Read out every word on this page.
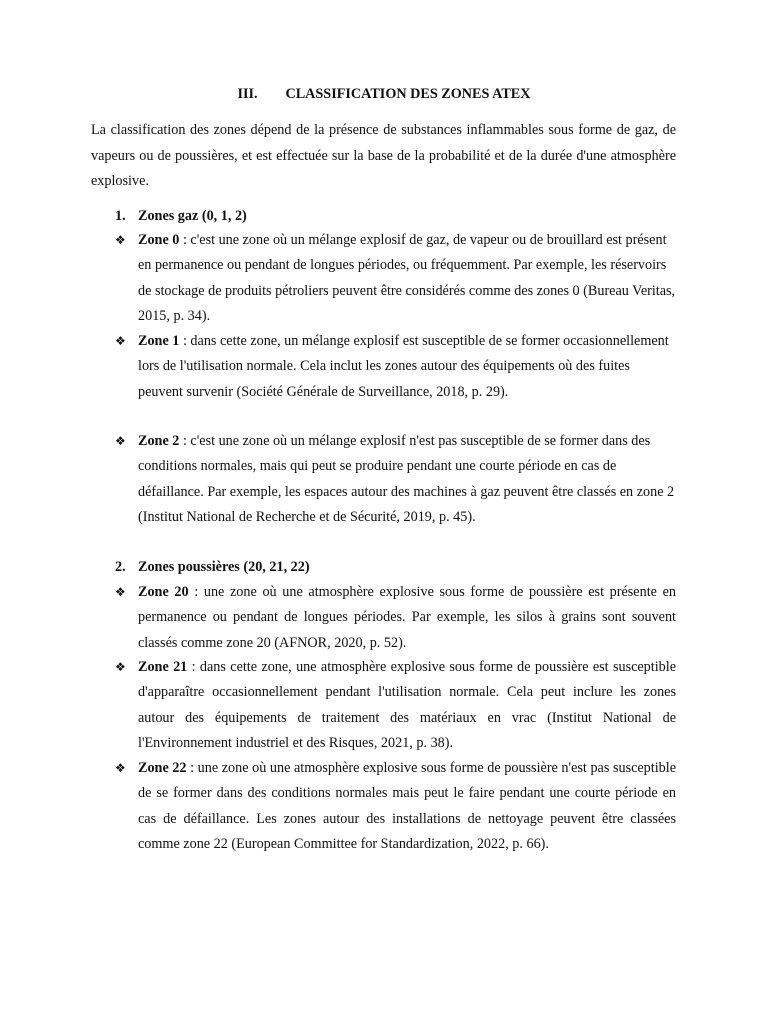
III. CLASSIFICATION DES ZONES ATEX

La classification des zones dépend de la présence de substances inflammables sous forme de gaz, de vapeurs ou de poussières, et est effectuée sur la base de la probabilité et de la durée d'une atmosphère explosive.

1. Zones gaz (0, 1, 2)
❖ Zone 0 : c'est une zone où un mélange explosif de gaz, de vapeur ou de brouillard est présent en permanence ou pendant de longues périodes, ou fréquemment. Par exemple, les réservoirs de stockage de produits pétroliers peuvent être considérés comme des zones 0 (Bureau Veritas, 2015, p. 34).
❖ Zone 1 : dans cette zone, un mélange explosif est susceptible de se former occasionnellement lors de l'utilisation normale. Cela inclut les zones autour des équipements où des fuites peuvent survenir (Société Générale de Surveillance, 2018, p. 29).
❖ Zone 2 : c'est une zone où un mélange explosif n'est pas susceptible de se former dans des conditions normales, mais qui peut se produire pendant une courte période en cas de défaillance. Par exemple, les espaces autour des machines à gaz peuvent être classés en zone 2 (Institut National de Recherche et de Sécurité, 2019, p. 45).
2. Zones poussières (20, 21, 22)
❖ Zone 20 : une zone où une atmosphère explosive sous forme de poussière est présente en permanence ou pendant de longues périodes. Par exemple, les silos à grains sont souvent classés comme zone 20 (AFNOR, 2020, p. 52).
❖ Zone 21 : dans cette zone, une atmosphère explosive sous forme de poussière est susceptible d'apparaître occasionnellement pendant l'utilisation normale. Cela peut inclure les zones autour des équipements de traitement des matériaux en vrac (Institut National de l'Environnement industriel et des Risques, 2021, p. 38).
❖ Zone 22 : une zone où une atmosphère explosive sous forme de poussière n'est pas susceptible de se former dans des conditions normales mais peut le faire pendant une courte période en cas de défaillance. Les zones autour des installations de nettoyage peuvent être classées comme zone 22 (European Committee for Standardization, 2022, p. 66).
